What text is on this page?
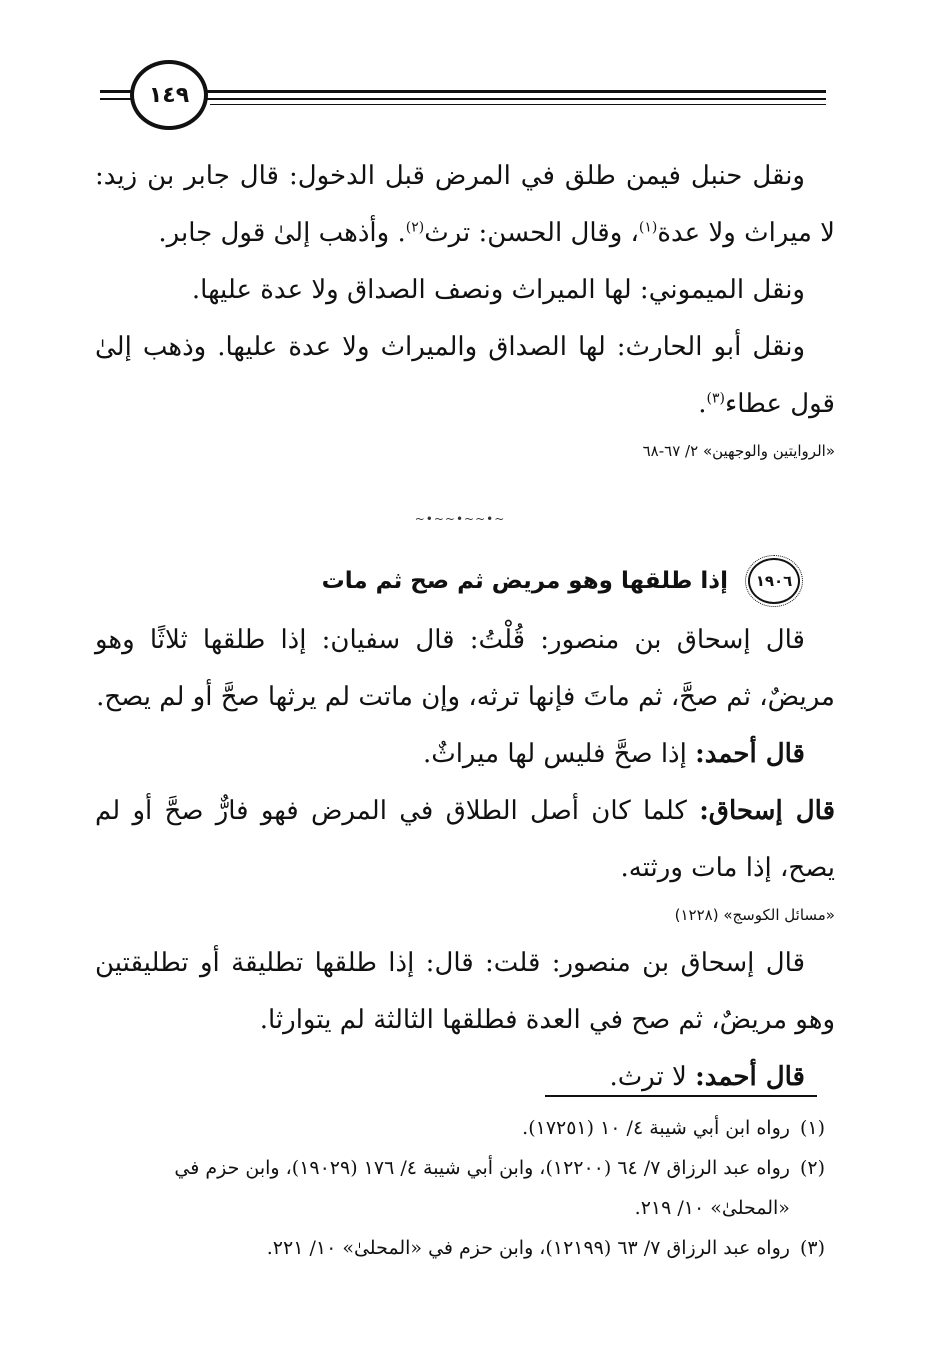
١٤٩

ونقل حنبل فيمن طلق في المرض قبل الدخول: قال جابر بن زيد: لا ميراث ولا عدة$^{(١)}$، وقال الحسن: ترث$^{(٢)}$. وأذهب إلىٰ قول جابر.

ونقل الميموني: لها الميراث ونصف الصداق ولا عدة عليها.

ونقل أبو الحارث: لها الصداق والميراث ولا عدة عليها. وذهب إلىٰ قول عطاء$^{(٣)}$.

«الروايتين والوجهين» ٢/ ٦٧-٦٨

~•~~•~~•~
١٩٠٦
إذا طلقها وهو مريض ثم صح ثم مات

قال إسحاق بن منصور: قُلْتُ: قال سفيان: إذا طلقها ثلاثًا وهو مريضٌ، ثم صحَّ، ثم ماتَ فإنها ترثه، وإن ماتت لم يرثها صحَّ أو لم يصح.

قال أحمد: إذا صحَّ فليس لها ميراثٌ.

قال إسحاق: كلما كان أصل الطلاق في المرض فهو فارٌّ صحَّ أو لم يصح، إذا مات ورثته.

«مسائل الكوسج» (١٢٢٨)

قال إسحاق بن منصور: قلت: قال: إذا طلقها تطليقة أو تطليقتين وهو مريضٌ، ثم صح في العدة فطلقها الثالثة لم يتوارثا.

قال أحمد: لا ترث.

(١)
رواه ابن أبي شيبة ٤/ ١٠ (١٧٢٥١).

(٢)
رواه عبد الرزاق ٧/ ٦٤ (١٢٢٠٠)، وابن أبي شيبة ٤/ ١٧٦ (١٩٠٢٩)، وابن حزم في «المحلىٰ» ١٠/ ٢١٩.

(٣)
رواه عبد الرزاق ٧/ ٦٣ (١٢١٩٩)، وابن حزم في «المحلىٰ» ١٠/ ٢٢١.
